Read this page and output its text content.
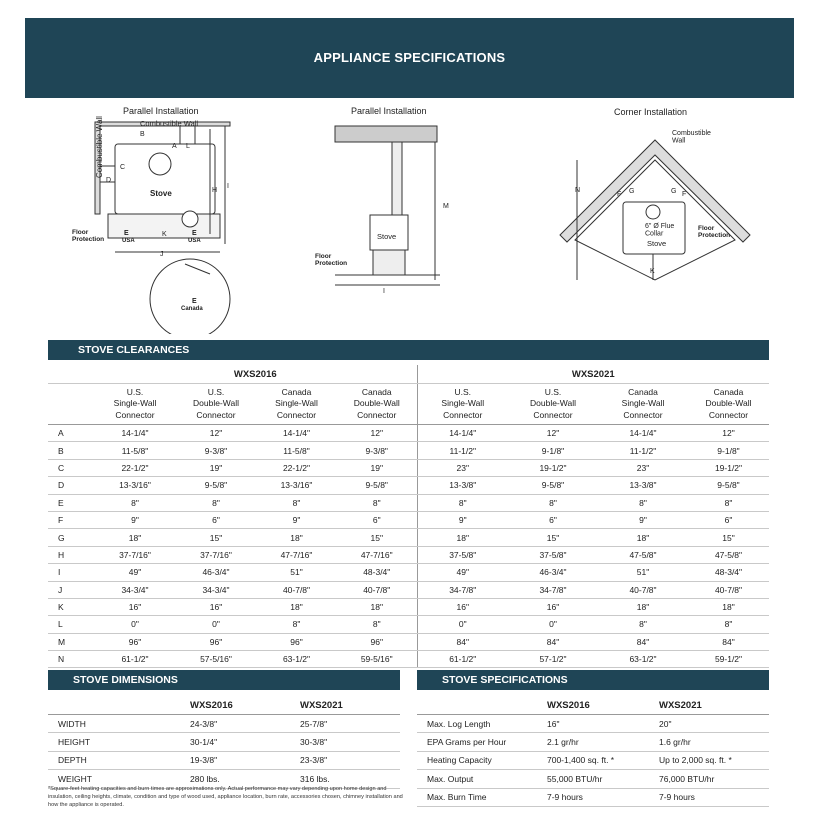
APPLIANCE SPECIFICATIONS
Parallel Installation
Combustible Wall	Combustible Wall
Stove
B
A L
C
D
H
I
J
K
E
USA
E
USA
E
Canada
Floor Protection
Parallel Installation
Stove
M
I
Floor Protection
Corner Installation
Combustible Wall
Stove
6" Ø Flue Collar
N
F G	G F
K
Floor Protection
STOVE CLEARANCES
	WXS2016				WXS2021			
	U.S.
Single-Wall
Connector	U.S.
Double-Wall
Connector	Canada
Single-Wall
Connector	Canada
Double-Wall
Connector	U.S.
Single-Wall
Connector	U.S.
Double-Wall
Connector	Canada
Single-Wall
Connector	Canada
Double-Wall
Connector
A	14-1/4"	12"	14-1/4"	12"	14-1/4"	12"	14-1/4"	12"
B	11-5/8"	9-3/8"	11-5/8"	9-3/8"	11-1/2"	9-1/8"	11-1/2"	9-1/8"
C	22-1/2"	19"	22-1/2"	19"	23"	19-1/2"	23"	19-1/2"
D	13-3/16"	9-5/8"	13-3/16"	9-5/8"	13-3/8"	9-5/8"	13-3/8"	9-5/8"
E	8"	8"	8"	8"	8"	8"	8"	8"
F	9"	6"	9"	6"	9"	6"	9"	6"
G	18"	15"	18"	15"	18"	15"	18"	15"
H	37-7/16"	37-7/16"	47-7/16"	47-7/16"	37-5/8"	37-5/8"	47-5/8"	47-5/8"
I	49"	46-3/4"	51"	48-3/4"	49"	46-3/4"	51"	48-3/4"
J	34-3/4"	34-3/4"	40-7/8"	40-7/8"	34-7/8"	34-7/8"	40-7/8"	40-7/8"
K	16"	16"	18"	18"	16"	16"	18"	18"
L	0"	0"	8"	8"	0"	0"	8"	8"
M	96"	96"	96"	96"	84"	84"	84"	84"
N	61-1/2"	57-5/16"	63-1/2"	59-5/16"	61-1/2"	57-1/2"	63-1/2"	59-1/2"
STOVE DIMENSIONS
	WXS2016	WXS2021
WIDTH	24-3/8"	25-7/8"
HEIGHT	30-1/4"	30-3/8"
DEPTH	19-3/8"	23-3/8"
WEIGHT	280 lbs.	316 lbs.
STOVE SPECIFICATIONS
	WXS2016	WXS2021
Max. Log Length	16"	20"
EPA Grams per Hour	2.1 gr/hr	1.6 gr/hr
Heating Capacity	700-1,400 sq. ft. *	Up to 2,000 sq. ft. *
Max. Output	55,000 BTU/hr	76,000 BTU/hr
Max. Burn Time	7-9 hours	7-9 hours
*Square-feet heating capacities and burn times are approximations only. Actual performance may vary depending upon home design and insulation, ceiling heights, climate, condition and type of wood used, appliance location, burn rate, accessories chosen, chimney installation and how the appliance is operated.
